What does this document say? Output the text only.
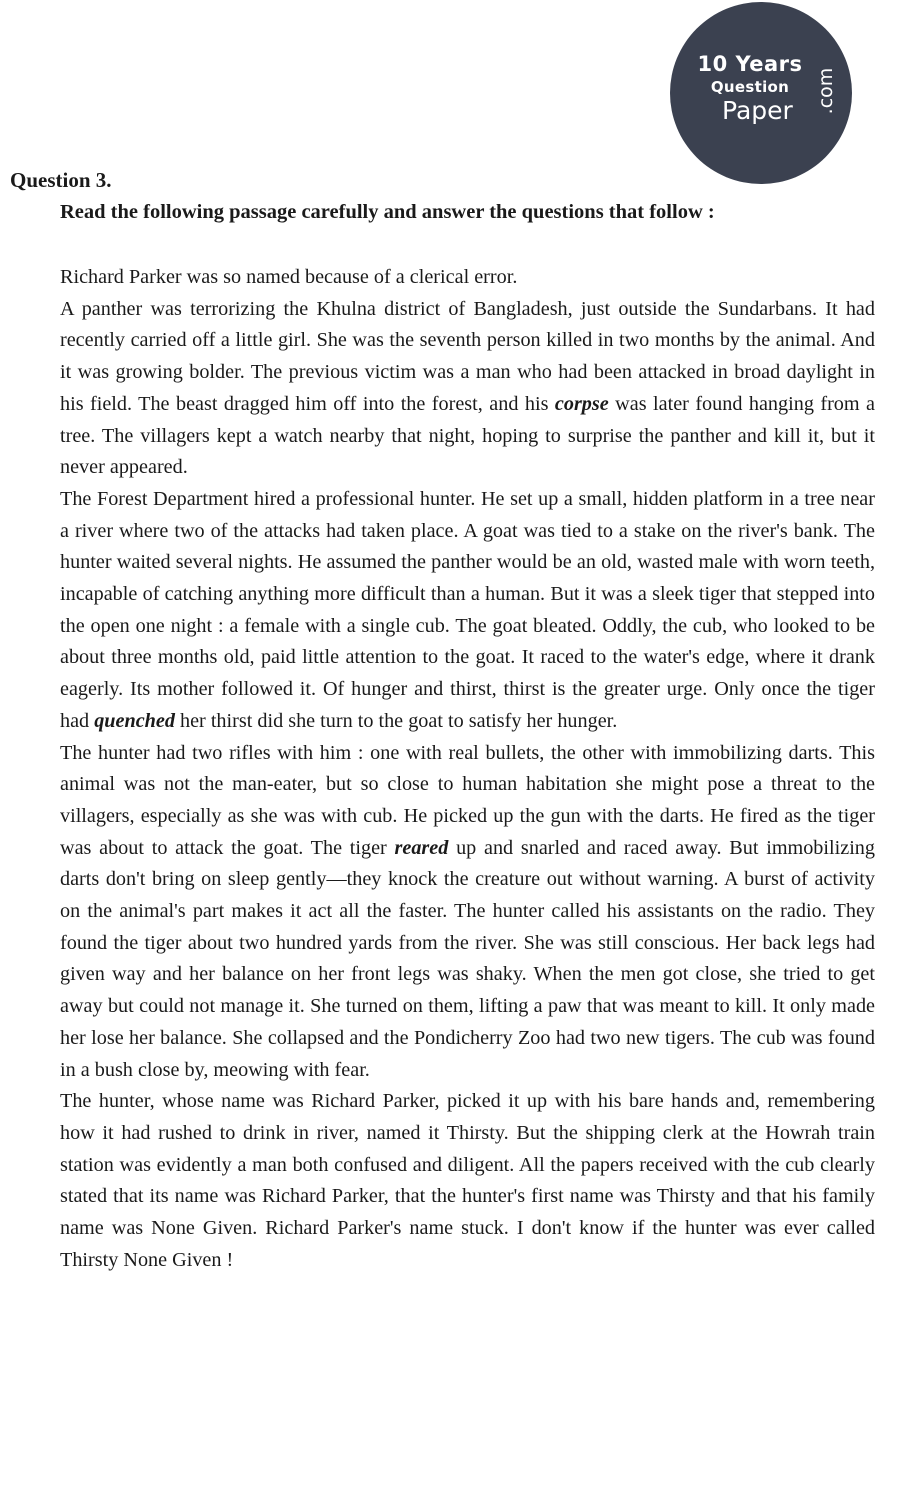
10 Years
Question
Paper .com
Question 3.

Read the following passage carefully and answer the questions that follow :

Richard Parker was so named because of a clerical error.

A panther was terrorizing the Khulna district of Bangladesh, just outside the Sundarbans. It had recently carried off a little girl. She was the seventh person killed in two months by the animal. And it was growing bolder. The previous victim was a man who had been attacked in broad daylight in his field. The beast dragged him off into the forest, and his corpse was later found hanging from a tree. The villagers kept a watch nearby that night, hoping to surprise the panther and kill it, but it never appeared.

The Forest Department hired a professional hunter. He set up a small, hidden platform in a tree near a river where two of the attacks had taken place. A goat was tied to a stake on the river's bank. The hunter waited several nights. He assumed the panther would be an old, wasted male with worn teeth, incapable of catching anything more difficult than a human. But it was a sleek tiger that stepped into the open one night : a female with a single cub. The goat bleated. Oddly, the cub, who looked to be about three months old, paid little attention to the goat. It raced to the water's edge, where it drank eagerly. Its mother followed it. Of hunger and thirst, thirst is the greater urge. Only once the tiger had quenched her thirst did she turn to the goat to satisfy her hunger.

The hunter had two rifles with him : one with real bullets, the other with immobilizing darts. This animal was not the man-eater, but so close to human habitation she might pose a threat to the villagers, especially as she was with cub. He picked up the gun with the darts. He fired as the tiger was about to attack the goat. The tiger reared up and snarled and raced away. But immobilizing darts don't bring on sleep gently—they knock the creature out without warning. A burst of activity on the animal's part makes it act all the faster. The hunter called his assistants on the radio. They found the tiger about two hundred yards from the river. She was still conscious. Her back legs had given way and her balance on her front legs was shaky. When the men got close, she tried to get away but could not manage it. She turned on them, lifting a paw that was meant to kill. It only made her lose her balance. She collapsed and the Pondicherry Zoo had two new tigers. The cub was found in a bush close by, meowing with fear.

The hunter, whose name was Richard Parker, picked it up with his bare hands and, remembering how it had rushed to drink in river, named it Thirsty. But the shipping clerk at the Howrah train station was evidently a man both confused and diligent. All the papers received with the cub clearly stated that its name was Richard Parker, that the hunter's first name was Thirsty and that his family name was None Given. Richard Parker's name stuck. I don't know if the hunter was ever called Thirsty None Given !
